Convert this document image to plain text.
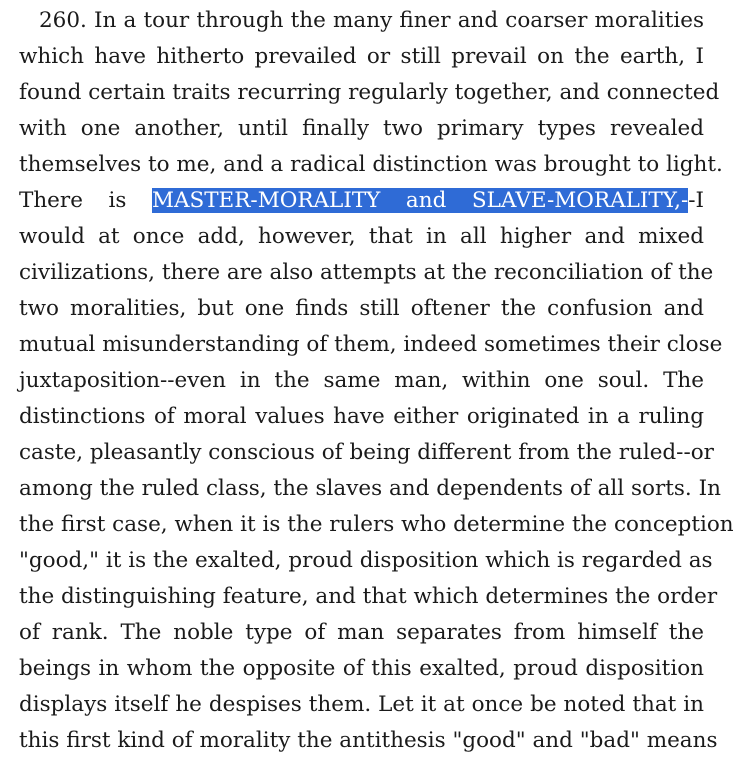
260. In a tour through the many finer and coarser moralities
which have hitherto prevailed or still prevail on the earth, I
found certain traits recurring regularly together, and connected
with one another, until finally two primary types revealed
themselves to me, and a radical distinction was brought to light.
There is MASTER-MORALITY and SLAVE-MORALITY,--I
would at once add, however, that in all higher and mixed
civilizations, there are also attempts at the reconciliation of the
two moralities, but one finds still oftener the confusion and
mutual misunderstanding of them, indeed sometimes their close
juxtaposition--even in the same man, within one soul. The
distinctions of moral values have either originated in a ruling
caste, pleasantly conscious of being different from the ruled--or
among the ruled class, the slaves and dependents of all sorts. In
the first case, when it is the rulers who determine the conception
"good," it is the exalted, proud disposition which is regarded as
the distinguishing feature, and that which determines the order
of rank. The noble type of man separates from himself the
beings in whom the opposite of this exalted, proud disposition
displays itself he despises them. Let it at once be noted that in
this first kind of morality the antithesis "good" and "bad" means
